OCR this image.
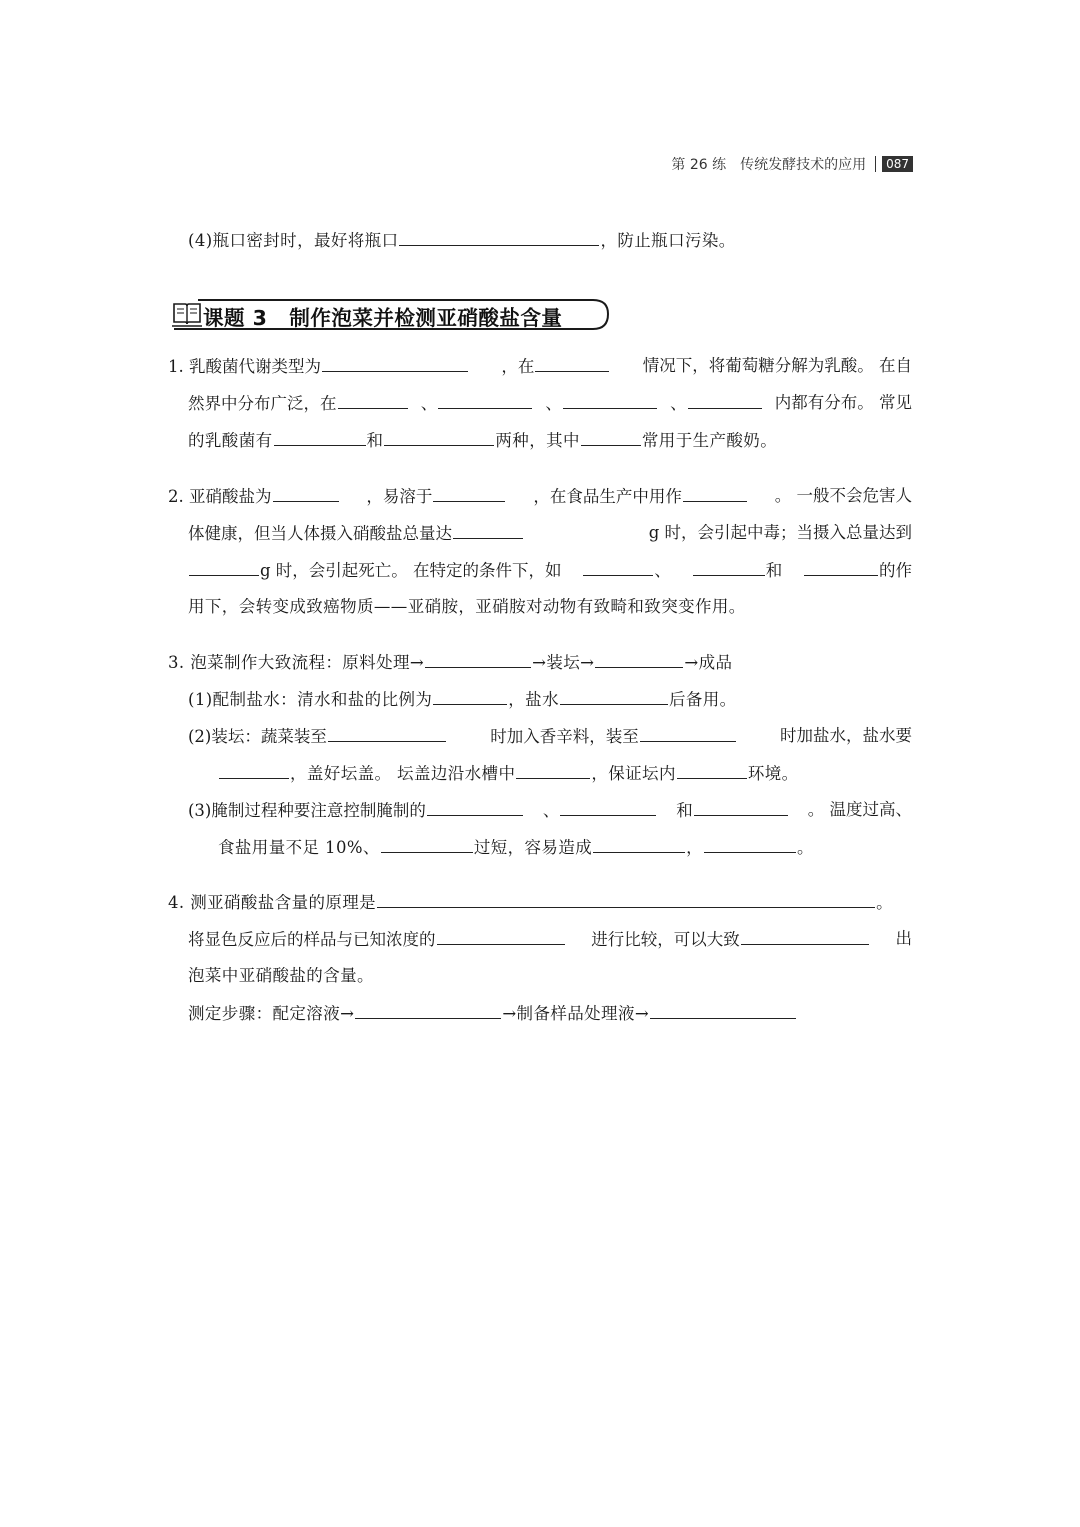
第 26 练 传统发酵技术的应用	087
(4)瓶口密封时，最好将瓶口	，防止瓶口污染。
课题 3 制作泡菜并检测亚硝酸盐含量
1. 乳酸菌代谢类型为	，在	情况下，将葡萄糖分解为乳酸。 在自
然界中分布广泛，在	、	、	、	内都有分布。 常见
的乳酸菌有	和	两种，其中	常用于生产酸奶。
2. 亚硝酸盐为	，易溶于	，在食品生产中用作	。 一般不会危害人
体健康，但当人体摄入硝酸盐总量达	g 时，会引起中毒；当摄入总量达到
g 时，会引起死亡。 在特定的条件下，如	、	和	的作
用下，会转变成致癌物质——亚硝胺，亚硝胺对动物有致畸和致突变作用。
3. 泡菜制作大致流程：原料处理→	→装坛→	→成品
(1)配制盐水：清水和盐的比例为	，盐水	后备用。
(2)装坛：蔬菜装至	时加入香辛料，装至	时加盐水，盐水要
，盖好坛盖。 坛盖边沿水槽中	，保证坛内	环境。
(3)腌制过程种要注意控制腌制的	、	和	。 温度过高、
食盐用量不足 10%、	过短，容易造成	，	。
4. 测亚硝酸盐含量的原理是	。
将显色反应后的样品与已知浓度的	进行比较，可以大致	出
泡菜中亚硝酸盐的含量。
测定步骤：配定溶液→	→制备样品处理液→
